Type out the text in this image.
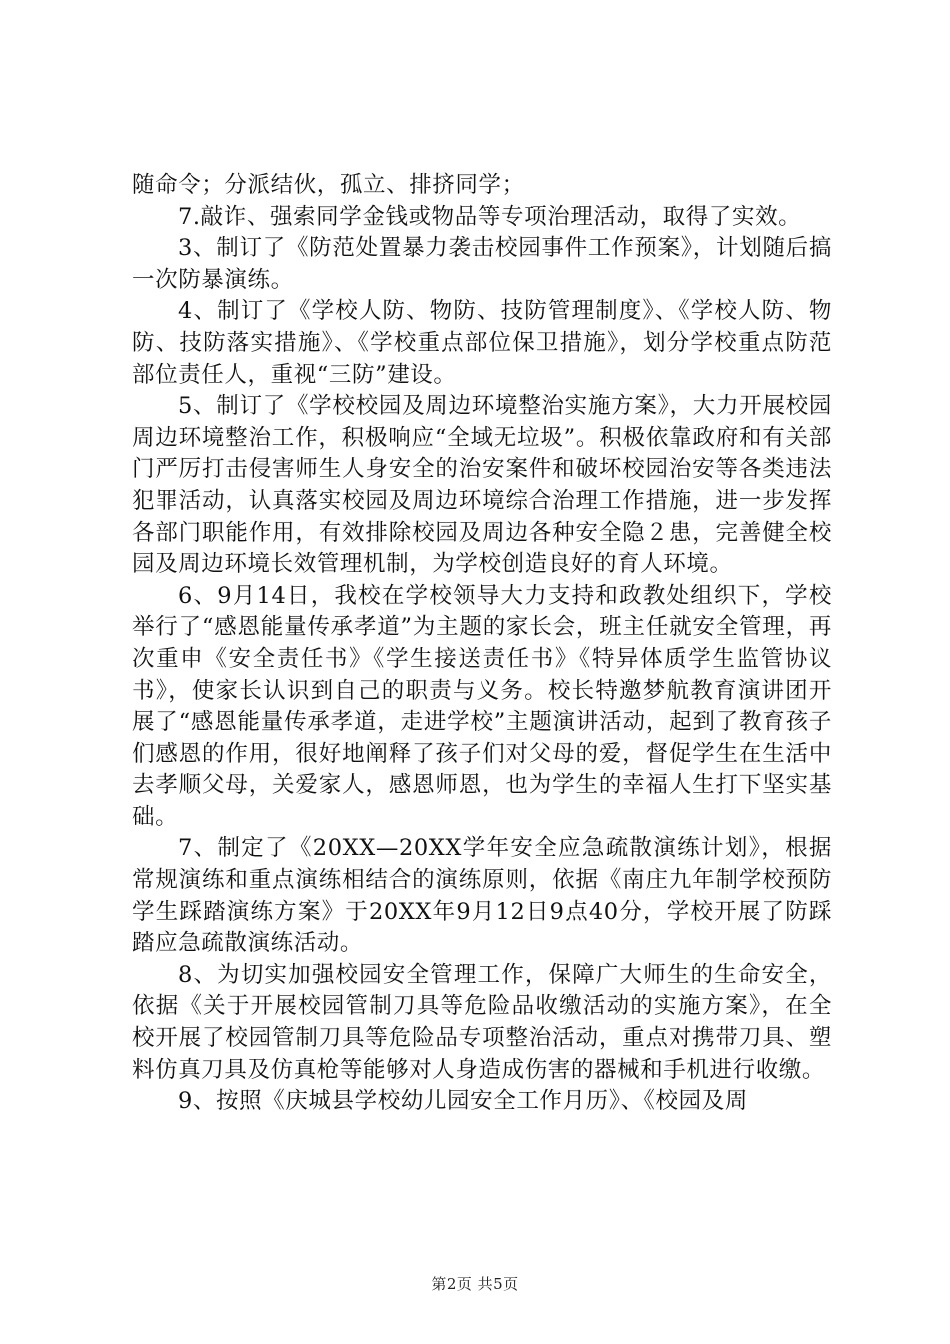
随命令；分派结伙，孤立、排挤同学；

7.敲诈、强索同学金钱或物品等专项治理活动，取得了实效。

3、制订了《防范处置暴力袭击校园事件工作预案》，计划随后搞一次防暴演练。

4、制订了《学校人防、物防、技防管理制度》、《学校人防、物防、技防落实措施》、《学校重点部位保卫措施》，划分学校重点防范部位责任人，重视“三防”建设。

5、制订了《学校校园及周边环境整治实施方案》，大力开展校园周边环境整治工作，积极响应“全域无垃圾”。积极依靠政府和有关部门严厉打击侵害师生人身安全的治安案件和破坏校园治安等各类违法犯罪活动，认真落实校园及周边环境综合治理工作措施，进一步发挥各部门职能作用，有效排除校园及周边各种安全隐２患，完善健全校园及周边环境长效管理机制，为学校创造良好的育人环境。

6、9月14日，我校在学校领导大力支持和政教处组织下，学校举行了“感恩能量传承孝道”为主题的家长会，班主任就安全管理，再次重申《安全责任书》《学生接送责任书》《特异体质学生监管协议书》，使家长认识到自己的职责与义务。校长特邀梦航教育演讲团开展了“感恩能量传承孝道，走进学校”主题演讲活动，起到了教育孩子们感恩的作用，很好地阐释了孩子们对父母的爱，督促学生在生活中去孝顺父母，关爱家人，感恩师恩，也为学生的幸福人生打下坚实基础。

7、制定了《20XX—20XX学年安全应急疏散演练计划》，根据常规演练和重点演练相结合的演练原则，依据《南庄九年制学校预防学生踩踏演练方案》于20XX年9月12日9点40分，学校开展了防踩踏应急疏散演练活动。

8、为切实加强校园安全管理工作，保障广大师生的生命安全，依据《关于开展校园管制刀具等危险品收缴活动的实施方案》，在全校开展了校园管制刀具等危险品专项整治活动，重点对携带刀具、塑料仿真刀具及仿真枪等能够对人身造成伤害的器械和手机进行收缴。

9、按照《庆城县学校幼儿园安全工作月历》、《校园及周

第2页 共5页
